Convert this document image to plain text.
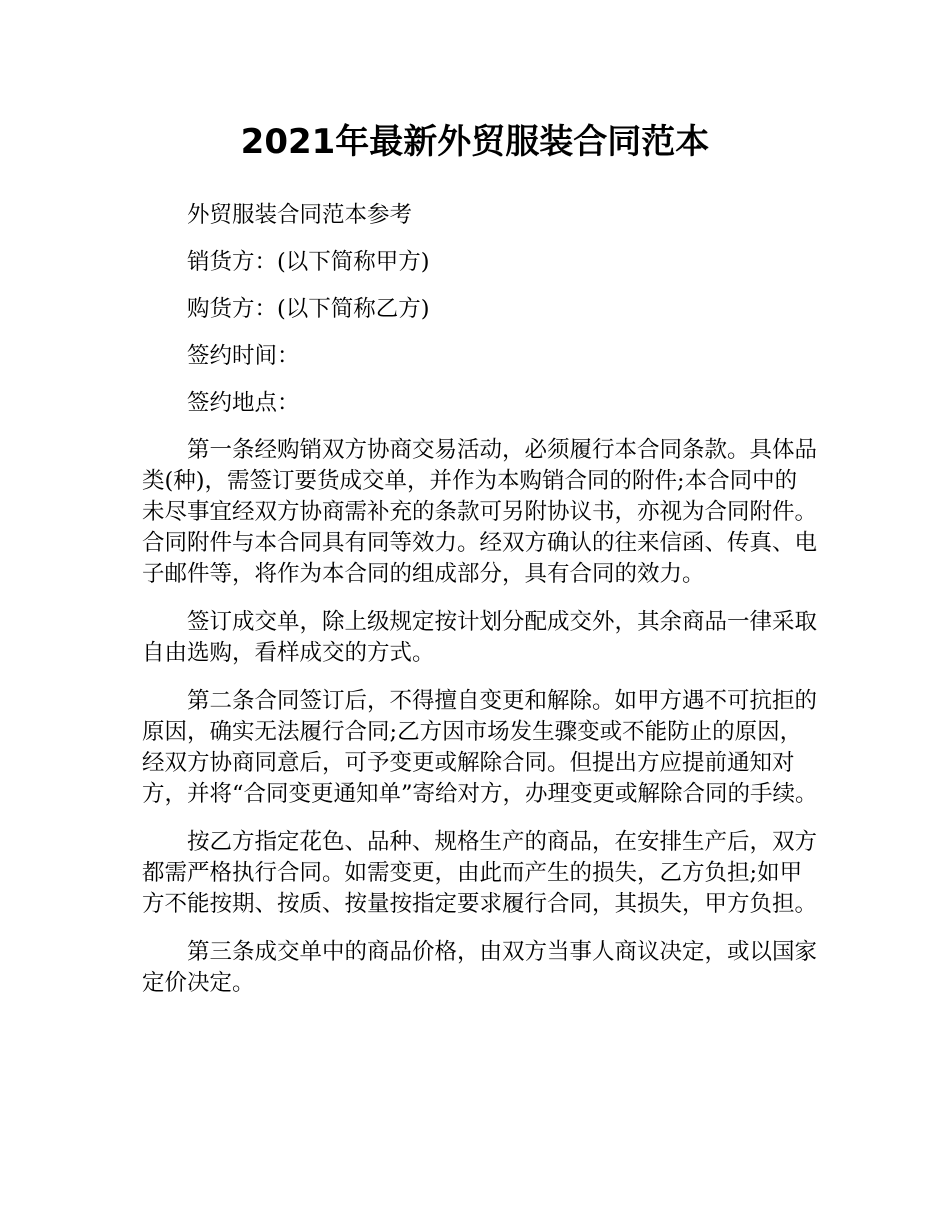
2021年最新外贸服装合同范本

外贸服装合同范本参考

销货方：(以下简称甲方)

购货方：(以下简称乙方)

签约时间：

签约地点：

第一条经购销双方协商交易活动，必须履行本合同条款。具体品类(种)，需签订要货成交单，并作为本购销合同的附件;本合同中的未尽事宜经双方协商需补充的条款可另附协议书，亦视为合同附件。合同附件与本合同具有同等效力。经双方确认的往来信函、传真、电子邮件等，将作为本合同的组成部分，具有合同的效力。

签订成交单，除上级规定按计划分配成交外，其余商品一律采取自由选购，看样成交的方式。

第二条合同签订后，不得擅自变更和解除。如甲方遇不可抗拒的原因，确实无法履行合同;乙方因市场发生骤变或不能防止的原因，经双方协商同意后，可予变更或解除合同。但提出方应提前通知对方，并将“合同变更通知单”寄给对方，办理变更或解除合同的手续。

按乙方指定花色、品种、规格生产的商品，在安排生产后，双方都需严格执行合同。如需变更，由此而产生的损失，乙方负担;如甲方不能按期、按质、按量按指定要求履行合同，其损失，甲方负担。

第三条成交单中的商品价格，由双方当事人商议决定，或以国家定价决定。
